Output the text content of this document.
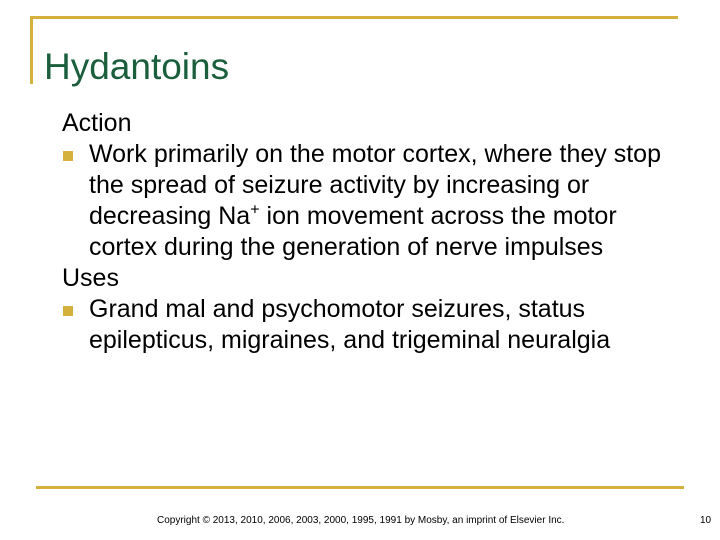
Hydantoins

Action

Work primarily on the motor cortex, where they stop the spread of seizure activity by increasing or decreasing Na+ ion movement across the motor cortex during the generation of nerve impulses

Uses

Grand mal and psychomotor seizures, status epilepticus, migraines, and trigeminal neuralgia

Copyright © 2013, 2010, 2006, 2003, 2000, 1995, 1991 by Mosby, an imprint of Elsevier Inc.	10
